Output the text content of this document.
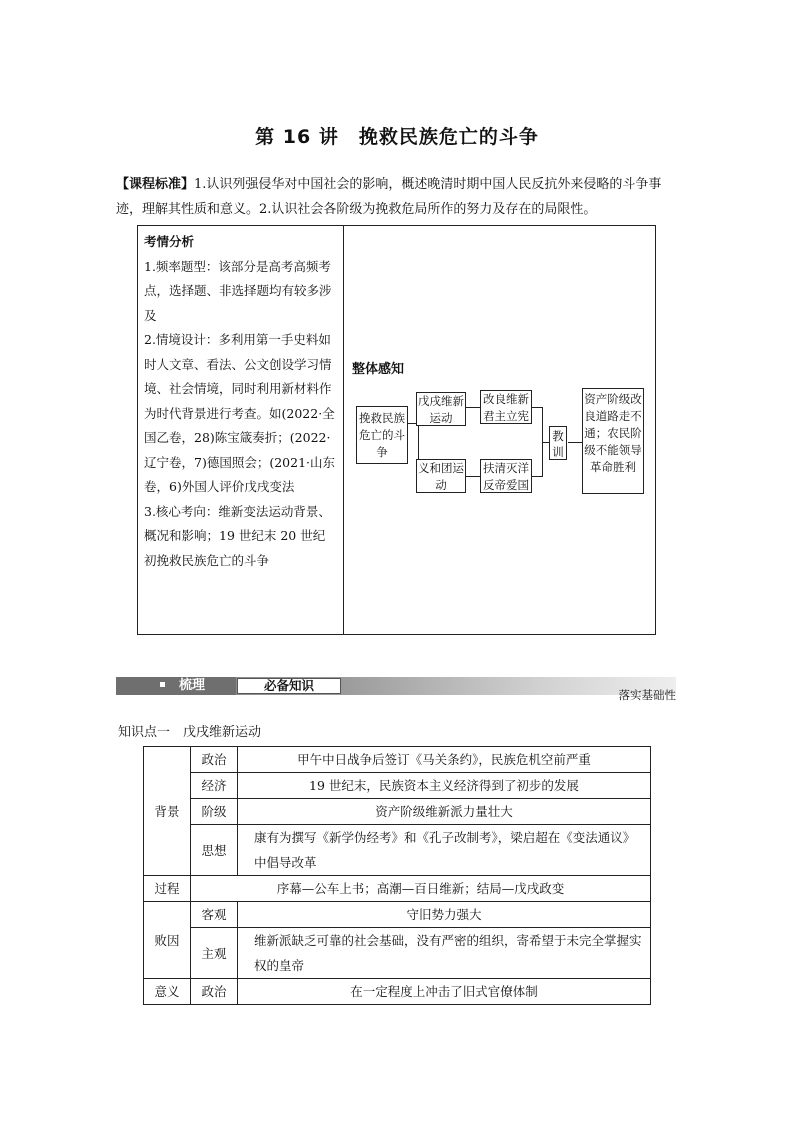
第 16 讲　挽救民族危亡的斗争
【课程标准】1.认识列强侵华对中国社会的影响，概述晚清时期中国人民反抗外来侵略的斗争事迹，理解其性质和意义。2.认识社会各阶级为挽救危局所作的努力及存在的局限性。
考情分析
1.频率题型：该部分是高考高频考点，选择题、非选择题均有较多涉及
2.情境设计：多利用第一手史料如时人文章、看法、公文创设学习情境、社会情境，同时利用新材料作为时代背景进行考查。如(2022·全国乙卷，28)陈宝箴奏折；(2022·辽宁卷，7)德国照会；(2021·山东卷，6)外国人评价戊戌变法
3.核心考向：维新变法运动背景、概况和影响；19 世纪末 20 世纪初挽救民族危亡的斗争
整体感知
挽救民族危亡的斗争
戊戌维新运动
义和团运动
改良维新君主立宪
扶清灭洋反帝爱国
教训
资产阶级改良道路走不通；农民阶级不能领导革命胜利
梳理	必备知识
落实基础性
知识点一　戊戌维新运动
背景	政治	甲午中日战争后签订《马关条约》，民族危机空前严重
	经济	19 世纪末，民族资本主义经济得到了初步的发展
	阶级	资产阶级维新派力量壮大
	思想	康有为撰写《新学伪经考》和《孔子改制考》，梁启超在《变法通议》中倡导改革
过程	序幕—公车上书；高潮—百日维新；结局—戊戌政变	
败因	客观	守旧势力强大
	主观	维新派缺乏可靠的社会基础，没有严密的组织，寄希望于未完全掌握实权的皇帝
意义	政治	在一定程度上冲击了旧式官僚体制
